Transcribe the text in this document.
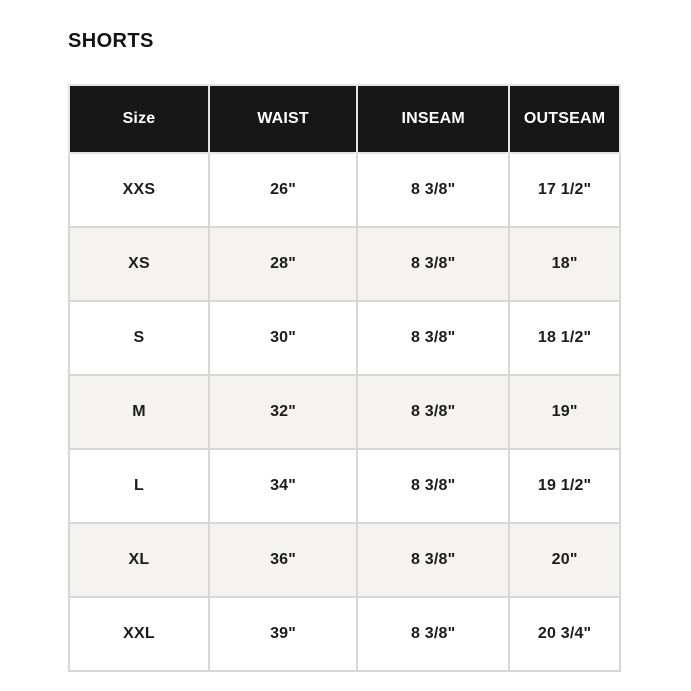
SHORTS
Size	WAIST	INSEAM	OUTSEAM
XXS	26"	8 3/8"	17 1/2"
XS	28"	8 3/8"	18"
S	30"	8 3/8"	18 1/2"
M	32"	8 3/8"	19"
L	34"	8 3/8"	19 1/2"
XL	36"	8 3/8"	20"
XXL	39"	8 3/8"	20 3/4"
